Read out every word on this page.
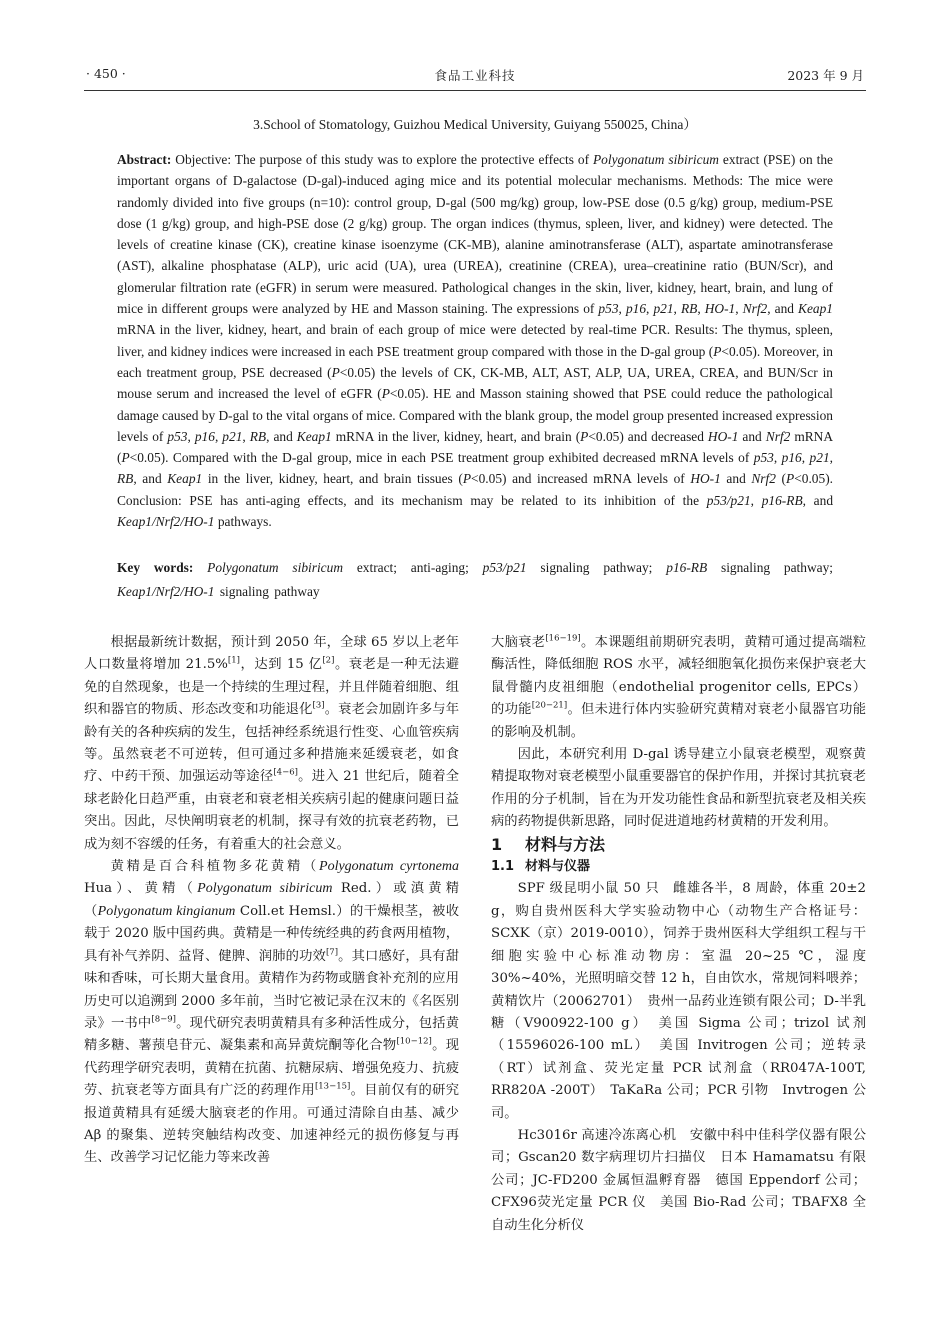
· 450 ·	食品工业科技	2023 年 9 月
3.School of Stomatology, Guizhou Medical University, Guiyang 550025, China）

Abstract: Objective: The purpose of this study was to explore the protective effects of Polygonatum sibiricum extract (PSE) on the important organs of D-galactose (D-gal)-induced aging mice and its potential molecular mechanisms. Methods: The mice were randomly divided into five groups (n=10): control group, D-gal (500 mg/kg) group, low-PSE dose (0.5 g/kg) group, medium-PSE dose (1 g/kg) group, and high-PSE dose (2 g/kg) group. The organ indices (thymus, spleen, liver, and kidney) were detected. The levels of creatine kinase (CK), creatine kinase isoenzyme (CK-MB), alanine aminotransferase (ALT), aspartate aminotransferase (AST), alkaline phosphatase (ALP), uric acid (UA), urea (UREA), creatinine (CREA), urea–creatinine ratio (BUN/Scr), and glomerular filtration rate (eGFR) in serum were measured. Pathological changes in the skin, liver, kidney, heart, brain, and lung of mice in different groups were analyzed by HE and Masson staining. The expressions of p53, p16, p21, RB, HO-1, Nrf2, and Keap1 mRNA in the liver, kidney, heart, and brain of each group of mice were detected by real-time PCR. Results: The thymus, spleen, liver, and kidney indices were increased in each PSE treatment group compared with those in the D-gal group (P<0.05). Moreover, in each treatment group, PSE decreased (P<0.05) the levels of CK, CK-MB, ALT, AST, ALP, UA, UREA, CREA, and BUN/Scr in mouse serum and increased the level of eGFR (P<0.05). HE and Masson staining showed that PSE could reduce the pathological damage caused by D-gal to the vital organs of mice. Compared with the blank group, the model group presented increased expression levels of p53, p16, p21, RB, and Keap1 mRNA in the liver, kidney, heart, and brain (P<0.05) and decreased HO-1 and Nrf2 mRNA (P<0.05). Compared with the D-gal group, mice in each PSE treatment group exhibited decreased mRNA levels of p53, p16, p21, RB, and Keap1 in the liver, kidney, heart, and brain tissues (P<0.05) and increased mRNA levels of HO-1 and Nrf2 (P<0.05). Conclusion: PSE has anti-aging effects, and its mechanism may be related to its inhibition of the p53/p21, p16-RB, and Keap1/Nrf2/HO-1 pathways.

Key words: Polygonatum sibiricum extract; anti-aging; p53/p21 signaling pathway; p16-RB signaling pathway; Keap1/Nrf2/HO-1 signaling pathway

根据最新统计数据，预计到 2050 年，全球 65 岁以上老年人口数量将增加 21.5%[1]，达到 15 亿[2]。衰老是一种无法避免的自然现象，也是一个持续的生理过程，并且伴随着细胞、组织和器官的物质、形态改变和功能退化[3]。衰老会加剧许多与年龄有关的各种疾病的发生，包括神经系统退行性变、心血管疾病等。虽然衰老不可逆转，但可通过多种措施来延缓衰老，如食疗、中药干预、加强运动等途径[4−6]。进入 21 世纪后，随着全球老龄化日趋严重，由衰老和衰老相关疾病引起的健康问题日益突出。因此，尽快阐明衰老的机制，探寻有效的抗衰老药物，已成为刻不容缓的任务，有着重大的社会意义。

黄精是百合科植物多花黄精（Polygonatum cyrtonema Hua）、黄精（Polygonatum sibiricum Red.）或滇黄精（Polygonatum kingianum Coll.et Hemsl.）的干燥根茎，被收载于 2020 版中国药典。黄精是一种传统经典的药食两用植物，具有补气养阴、益肾、健脾、润肺的功效[7]。其口感好，具有甜味和香味，可长期大量食用。黄精作为药物或膳食补充剂的应用历史可以追溯到 2000 多年前，当时它被记录在汉末的《名医别录》一书中[8−9]。现代研究表明黄精具有多种活性成分，包括黄精多糖、薯蓣皂苷元、凝集素和高异黄烷酮等化合物[10−12]。现代药理学研究表明，黄精在抗菌、抗糖尿病、增强免疫力、抗疲劳、抗衰老等方面具有广泛的药理作用[13−15]。目前仅有的研究报道黄精具有延缓大脑衰老的作用。可通过清除自由基、减少 Aβ 的聚集、逆转突触结构改变、加速神经元的损伤修复与再生、改善学习记忆能力等来改善

大脑衰老[16−19]。本课题组前期研究表明，黄精可通过提高端粒酶活性，降低细胞 ROS 水平，减轻细胞氧化损伤来保护衰老大鼠骨髓内皮祖细胞（endothelial progenitor cells, EPCs）的功能[20−21]。但未进行体内实验研究黄精对衰老小鼠器官功能的影响及机制。

因此，本研究利用 D-gal 诱导建立小鼠衰老模型，观察黄精提取物对衰老模型小鼠重要器官的保护作用，并探讨其抗衰老作用的分子机制，旨在为开发功能性食品和新型抗衰老及相关疾病的药物提供新思路，同时促进道地药材黄精的开发利用。

1 材料与方法

1.1 材料与仪器

SPF 级昆明小鼠 50 只　雌雄各半，8 周龄，体重 20±2 g，购自贵州医科大学实验动物中心（动物生产合格证号：SCXK（京）2019-0010），饲养于贵州医科大学组织工程与干细胞实验中心标准动物房：室温 20~25 ℃，湿度 30%~40%，光照明暗交替 12 h，自由饮水，常规饲料喂养；黄精饮片（20062701）　贵州一品药业连锁有限公司；D-半乳糖（V900922-100 g）　美国 Sigma 公司；trizol 试剂（15596026-100 mL）　美国 Invitrogen 公司；逆转录（RT）试剂盒、荧光定量 PCR 试剂盒（RR047A-100T, RR820A -200T）　TaKaRa 公司；PCR 引物　Invtrogen 公司。

Hc3016r 高速冷冻离心机　安徽中科中佳科学仪器有限公司；Gscan20 数字病理切片扫描仪　日本 Hamamatsu 有限公司；JC-FD200 金属恒温孵育器　德国 Eppendorf 公司；CFX96荧光定量 PCR 仪　美国 Bio-Rad 公司；TBAFX8 全自动生化分析仪
